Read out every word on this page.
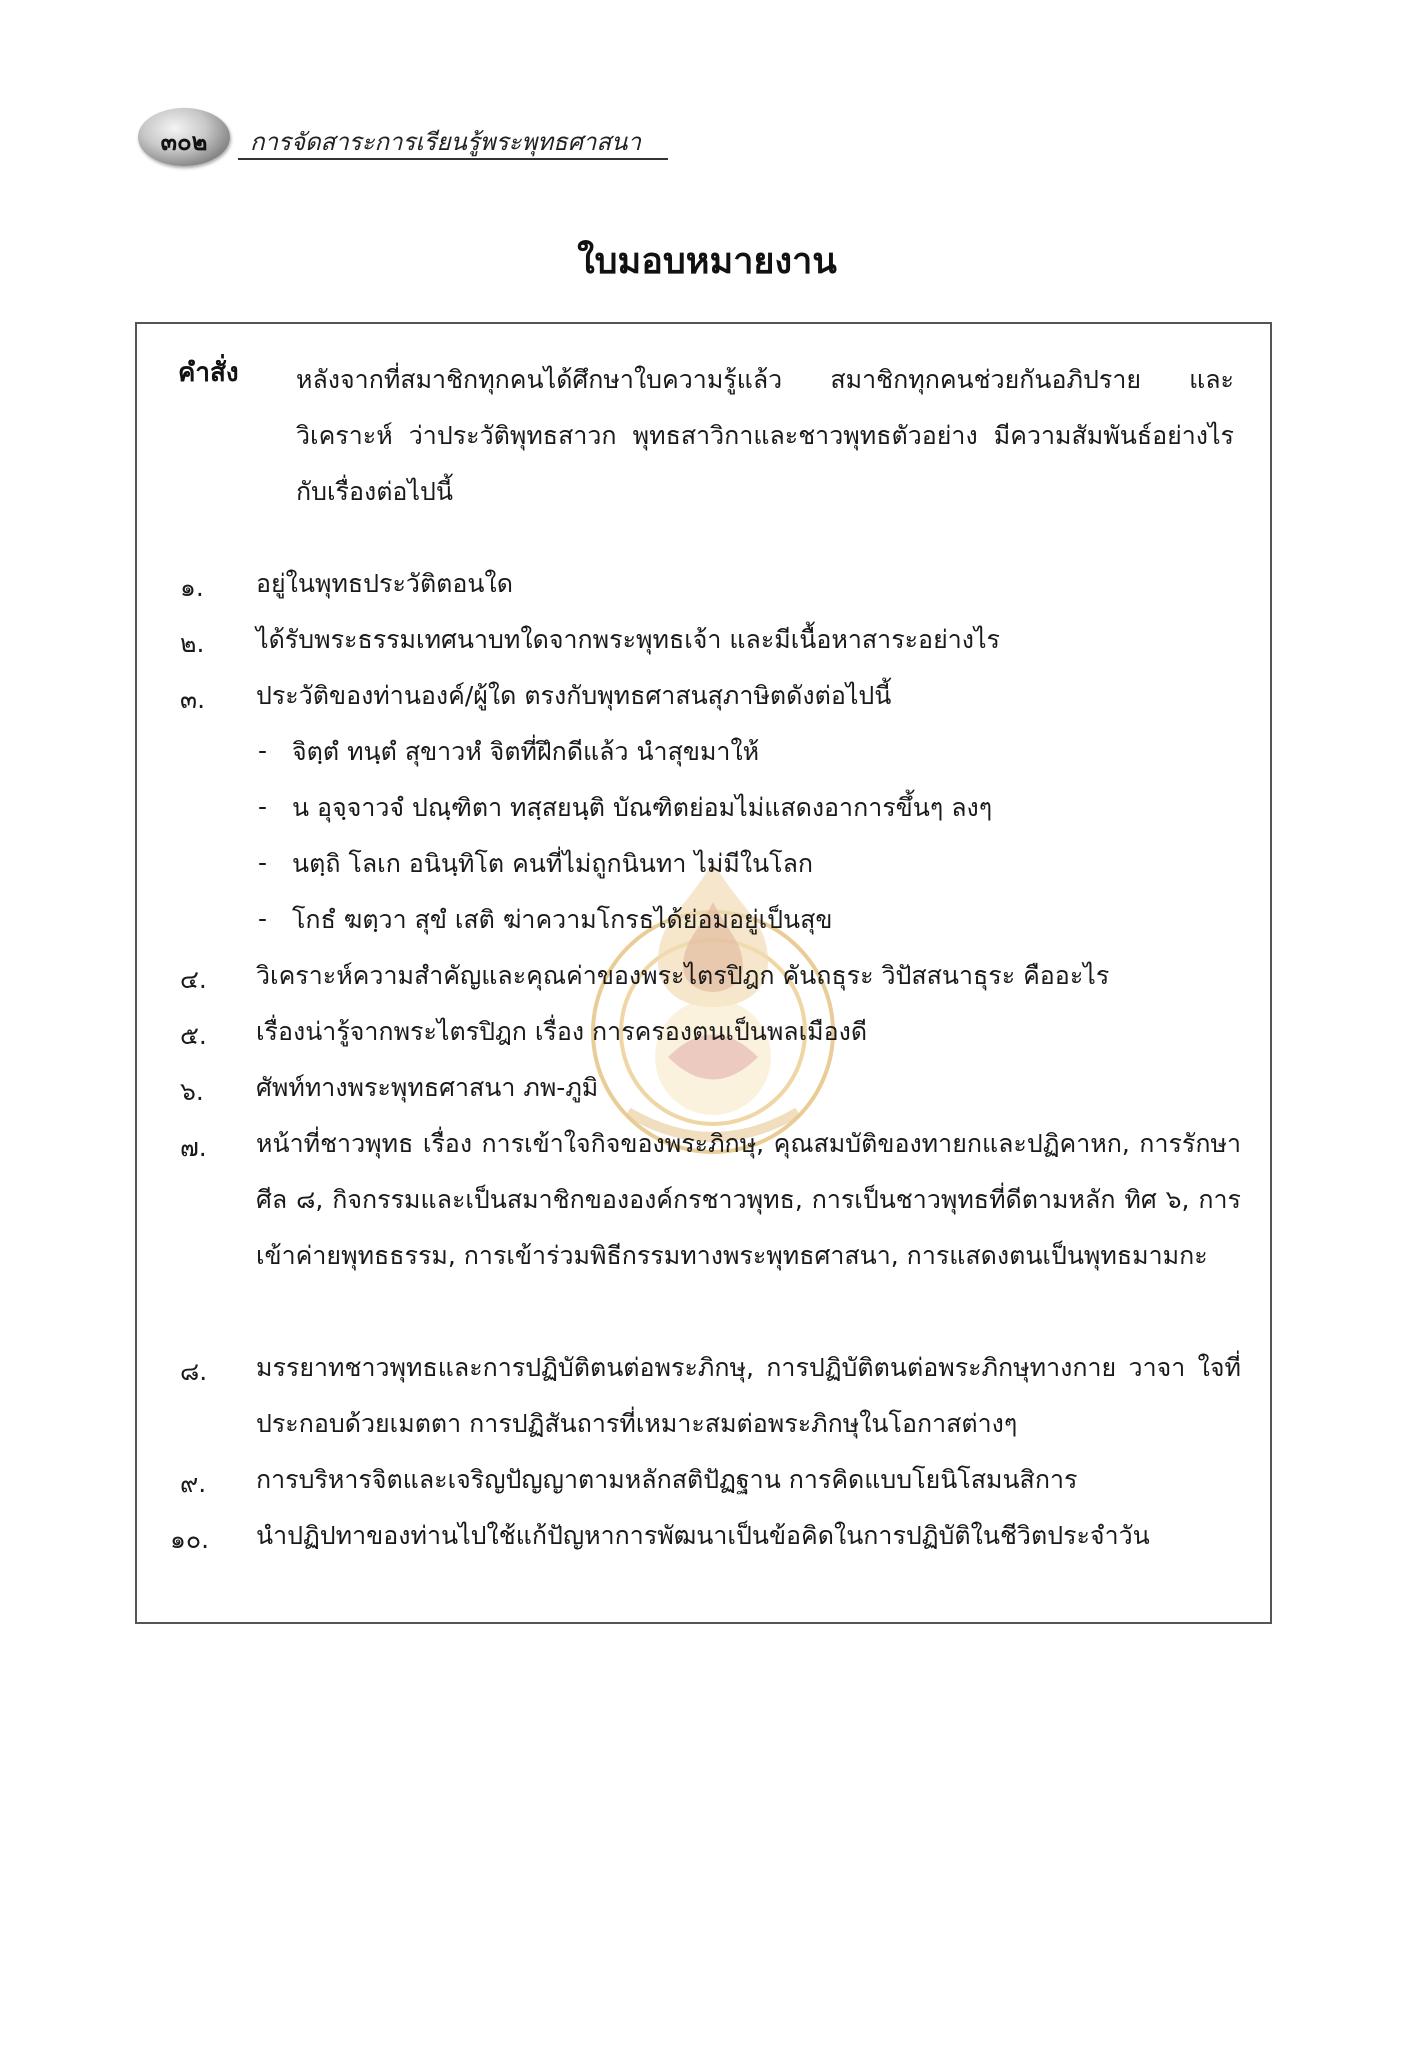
๓๐๒	การจัดสาระการเรียนรู้พระพุทธศาสนา
ใบมอบหมายงาน
คำสั่ง หลังจากที่สมาชิกทุกคนได้ศึกษาใบความรู้แล้ว สมาชิกทุกคนช่วยกันอภิปราย และวิเคราะห์ ว่าประวัติพุทธสาวก พุทธสาวิกาและชาวพุทธตัวอย่าง มีความสัมพันธ์อย่างไรกับเรื่องต่อไปนี้
๑. อยู่ในพุทธประวัติตอนใด
๒. ได้รับพระธรรมเทศนาบทใดจากพระพุทธเจ้า และมีเนื้อหาสาระอย่างไร
๓. ประวัติของท่านองค์/ผู้ใด ตรงกับพุทธศาสนสุภาษิตดังต่อไปนี้
- จิตฺตํ ทนฺตํ สุขาวหํ จิตที่ฝึกดีแล้ว นำสุขมาให้
- น อุจฺจาวจํ ปณฺฑิตา ทสฺสยนฺติ บัณฑิตย่อมไม่แสดงอาการขึ้นๆ ลงๆ
- นตฺถิ โลเก อนินฺทิโต คนที่ไม่ถูกนินทา ไม่มีในโลก
- โกธํ ฆตฺวา สุขํ เสติ ฆ่าความโกรธได้ย่อมอยู่เป็นสุข
๔. วิเคราะห์ความสำคัญและคุณค่าของพระไตรปิฎก คันถธุระ วิปัสสนาธุระ คืออะไร
๕. เรื่องน่ารู้จากพระไตรปิฎก เรื่อง การครองตนเป็นพลเมืองดี
๖. ศัพท์ทางพระพุทธศาสนา ภพ-ภูมิ
๗. หน้าที่ชาวพุทธ เรื่อง การเข้าใจกิจของพระภิกษุ, คุณสมบัติของทายกและปฏิคาหก, การรักษาศีล ๘, กิจกรรมและเป็นสมาชิกขององค์กรชาวพุทธ, การเป็นชาวพุทธที่ดีตามหลัก ทิศ ๖, การเข้าค่ายพุทธธรรม, การเข้าร่วมพิธีกรรมทางพระพุทธศาสนา, การแสดงตนเป็นพุทธมามกะ
๘. มรรยาทชาวพุทธและการปฏิบัติตนต่อพระภิกษุ, การปฏิบัติตนต่อพระภิกษุทางกาย วาจา ใจที่ประกอบด้วยเมตตา การปฏิสันถารที่เหมาะสมต่อพระภิกษุในโอกาสต่างๆ
๙. การบริหารจิตและเจริญปัญญาตามหลักสติปัฏฐาน การคิดแบบโยนิโสมนสิการ
๑๐. นำปฏิปทาของท่านไปใช้แก้ปัญหาการพัฒนาเป็นข้อคิดในการปฏิบัติในชีวิตประจำวัน
